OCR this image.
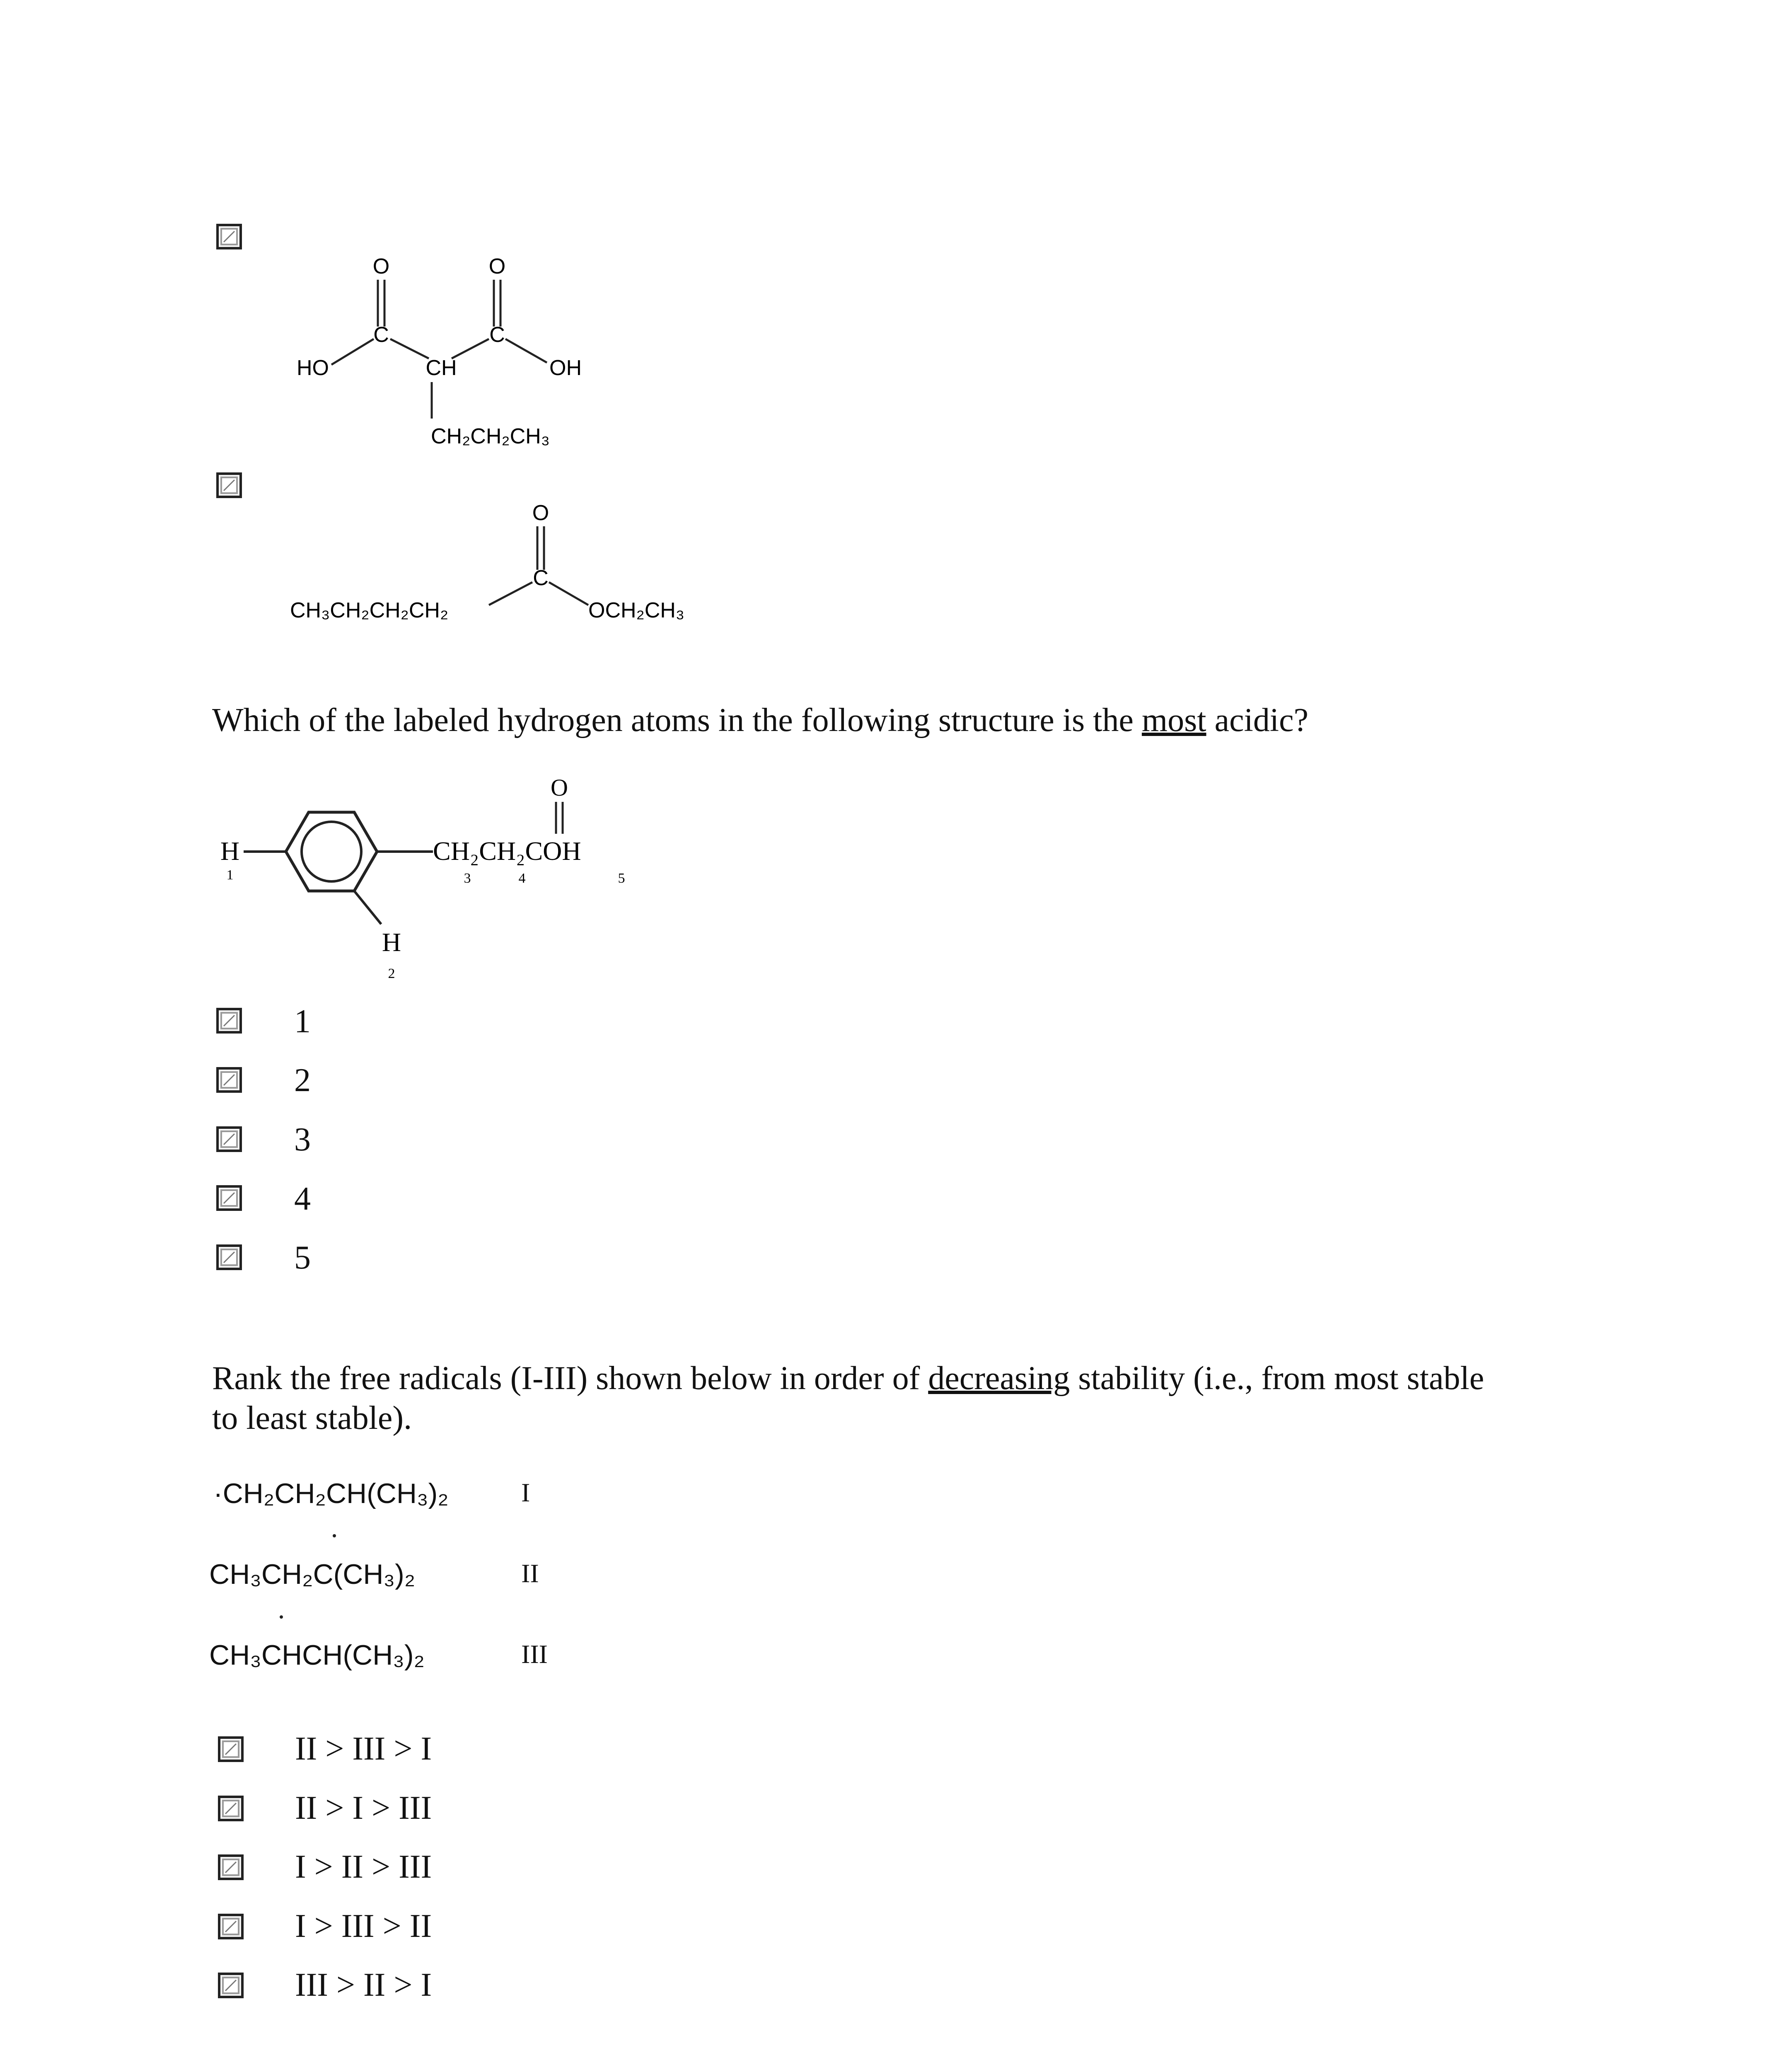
O
C
O
C
HO	CH	OH
CH₂CH₂CH₃
O
C
CH₃CH₂CH₂CH₂	OCH₂CH₃
Which of the labeled hydrogen atoms in the following structure is the most acidic?
H
1
H
2
CH₂CH₂COH
O
3	4	5
1
2
3
4
5
Rank the free radicals (I-III) shown below in order of decreasing stability (i.e., from most stable
to least stable).
·CH₂CH₂CH(CH₃)₂	I
CH₃CH₂C(CH₃)₂	II
CH₃CHCH(CH₃)₂	III
II > III > I
II > I > III
I > II > III
I > III > II
III > II > I
